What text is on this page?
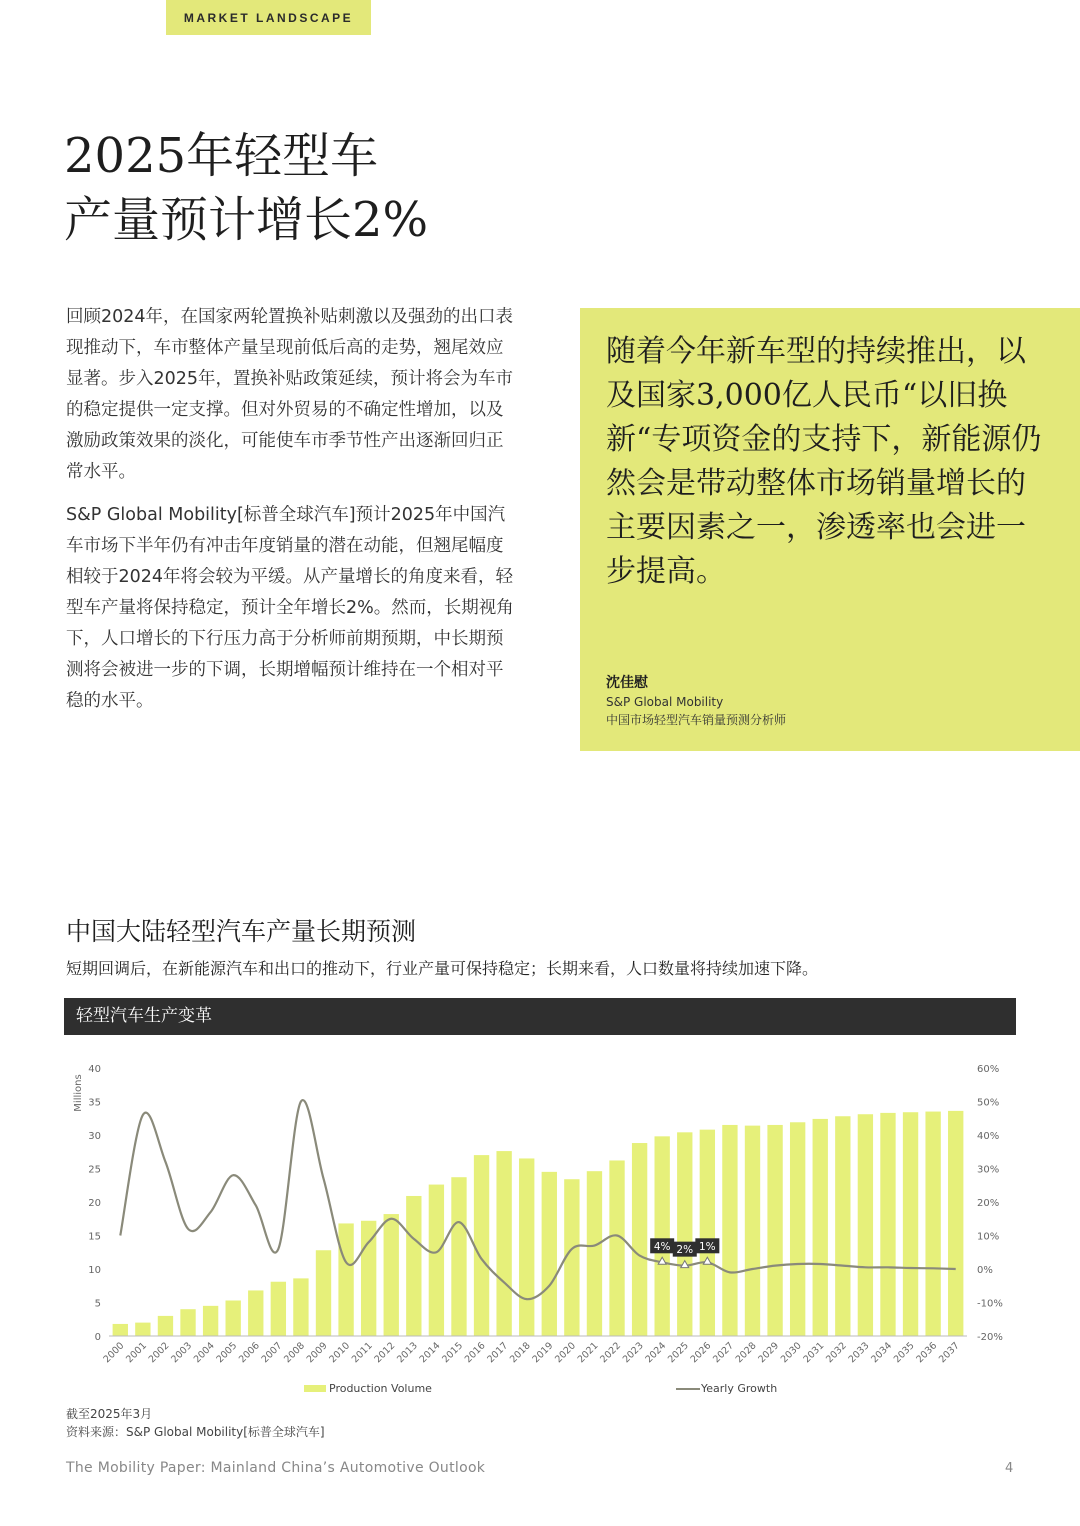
MARKET LANDSCAPE
2025年轻型车
产量预计增长2%

回顾2024年，在国家两轮置换补贴刺激以及强劲的出口表现推动下，车市整体产量呈现前低后高的走势，翘尾效应显著。步入2025年，置换补贴政策延续，预计将会为车市的稳定提供一定支撑。但对外贸易的不确定性增加，以及激励政策效果的淡化，可能使车市季节性产出逐渐回归正常水平。

S&P Global Mobility[标普全球汽车]预计2025年中国汽车市场下半年仍有冲击年度销量的潜在动能，但翘尾幅度相较于2024年将会较为平缓。从产量增长的角度来看，轻型车产量将保持稳定，预计全年增长2%。然而，长期视角下，人口增长的下行压力高于分析师前期预期，中长期预测将会被进一步的下调，长期增幅预计维持在一个相对平稳的水平。

随着今年新车型的持续推出，以及国家3,000亿人民币“以旧换新“专项资金的支持下，新能源仍然会是带动整体市场销量增长的主要因素之一，渗透率也会进一步提高。

沈佳慰
S&P Global Mobility
中国市场轻型汽车销量预测分析师
中国大陆轻型汽车产量长期预测

短期回调后，在新能源汽车和出口的推动下，行业产量可保持稳定；长期来看，人口数量将持续加速下降。

轻型汽车生产变革
0
5
10
15
20
25
30
35
40
-20%
-10%
0%
10%
20%
30%
40%
50%
60%
Millions
4% 2% 1%
2000
2001
2002
2003
2004
2005
2006
2007
2008
2009
2010
2011
2012
2013
2014
2015
2016
2017
2018
2019
2020
2021
2022
2023
2024
2025
2026
2027
2028
2029
2030
2031
2032
2033
2034
2035
2036
2037
Production Volume	Yearly Growth
截至2025年3月
资料来源：S&P Global Mobility[标普全球汽车]
The Mobility Paper: Mainland China’s Automotive Outlook	4
